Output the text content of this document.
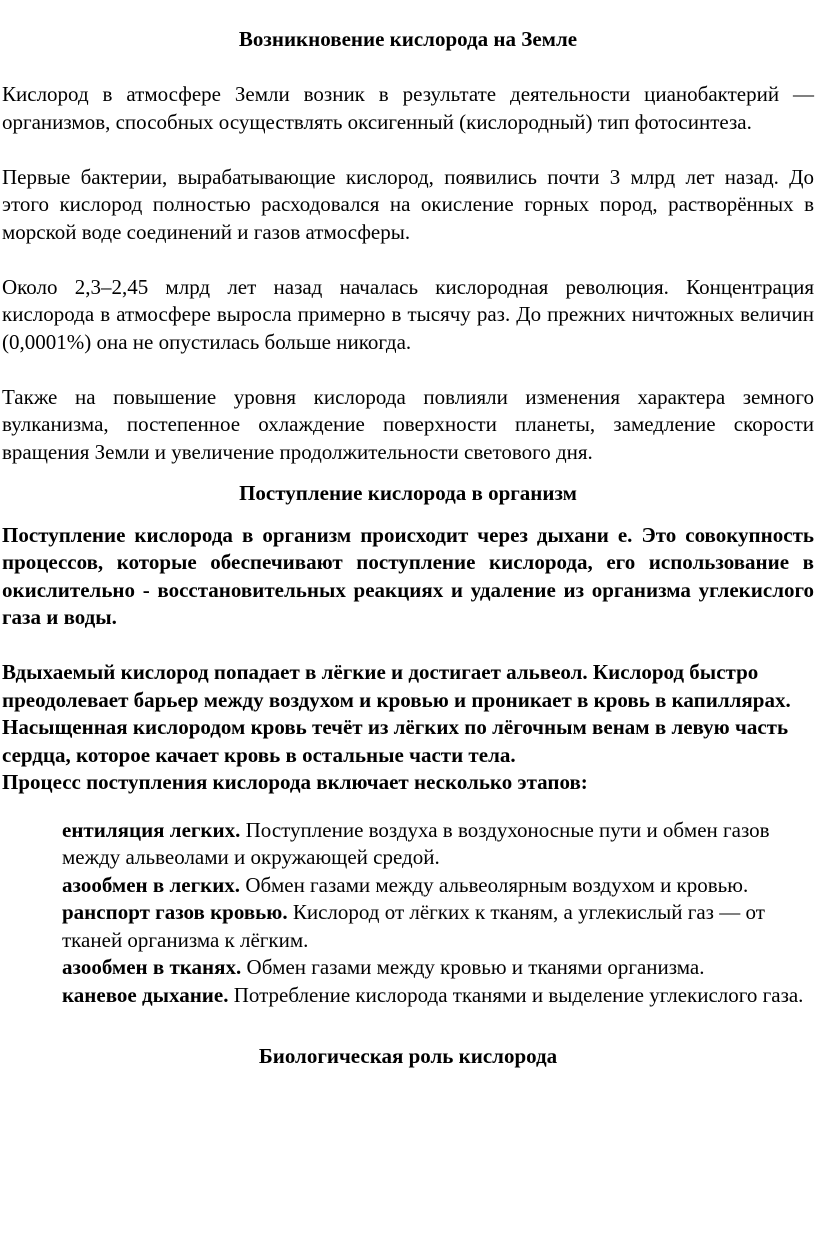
Возникновение кислорода на Земле

Кислород в атмосфере Земли возник в результате деятельности цианобактерий — организмов, способных осуществлять оксигенный (кислородный) тип фотосинтеза.

Первые бактерии, вырабатывающие кислород, появились почти 3 млрд лет назад. До этого кислород полностью расходовался на окисление горных пород, растворённых в морской воде соединений и газов атмосферы.

Около 2,3–2,45 млрд лет назад началась кислородная революция. Концентрация кислорода в атмосфере выросла примерно в тысячу раз. До прежних ничтожных величин (0,0001%) она не опустилась больше никогда.

Также на повышение уровня кислорода повлияли изменения характера земного вулканизма, постепенное охлаждение поверхности планеты, замедление скорости вращения Земли и увеличение продолжительности светового дня.

Поступление кислорода в организм

Поступление кислорода в организм происходит через дыхани е. Это совокупность процессов, которые обеспечивают поступление кислорода, его использование в окислительно - восстановительных реакциях и удаление из организма углекислого газа и воды.

Вдыхаемый кислород попадает в лёгкие и достигает альвеол. Кислород быстро преодолевает барьер между воздухом и кровью и проникает в кровь в капиллярах. Насыщенная кислородом кровь течёт из лёгких по лёгочным венам в левую часть сердца, которое качает кровь в остальные части тела.

Процесс поступления кислорода включает несколько этапов:

ентиляция легких. Поступление воздуха в воздухоносные пути и обмен газов между альвеолами и окружающей средой.
азообмен в легких. Обмен газами между альвеолярным воздухом и кровью.
ранспорт газов кровью. Кислород от лёгких к тканям, а углекислый газ — от тканей организма к лёгким.
азообмен в тканях. Обмен газами между кровью и тканями организма.
каневое дыхание. Потребление кислорода тканями и выделение углекислого газа.

Биологическая роль кислорода
